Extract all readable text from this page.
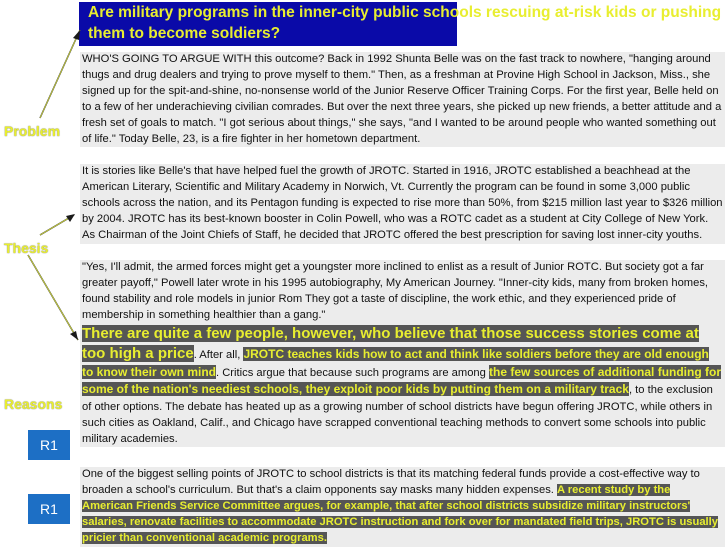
Are military programs in the inner-city public schools rescuing at-risk kids or pushing them to become soldiers?
Problem
Thesis
Reasons
R1
R1
WHO'S GOING TO ARGUE WITH this outcome? Back in 1992 Shunta Belle was on the fast track to nowhere, "hanging around thugs and drug dealers and trying to prove myself to them." Then, as a freshman at Provine High School in Jackson, Miss., she signed up for the spit-and-shine, no-nonsense world of the Junior Reserve Officer Training Corps. For the first year, Belle held on to a few of her underachieving civilian comrades. But over the next three years, she picked up new friends, a better attitude and a fresh set of goals to match. "I got serious about things," she says, "and I wanted to be around people who wanted something out of life." Today Belle, 23, is a fire fighter in her hometown department.
It is stories like Belle's that have helped fuel the growth of JROTC. Started in 1916, JROTC established a beachhead at the American Literary, Scientific and Military Academy in Norwich, Vt. Currently the program can be found in some 3,000 public schools across the nation, and its Pentagon funding is expected to rise more than 50%, from $215 million last year to $326 million by 2004. JROTC has its best-known booster in Colin Powell, who was a ROTC cadet as a student at City College of New York. As Chairman of the Joint Chiefs of Staff, he decided that JROTC offered the best prescription for saving lost inner-city youths.
"Yes, I'll admit, the armed forces might get a youngster more inclined to enlist as a result of Junior ROTC. But society got a far greater payoff," Powell later wrote in his 1995 autobiography, My American Journey. "Inner-city kids, many from broken homes, found stability and role models in junior Rom They got a taste of discipline, the work ethic, and they experienced pride of membership in something healthier than a gang."
There are quite a few people, however, who believe that those success stories come at too high a price. After all, JROTC teaches kids how to act and think like soldiers before they are old enough to know their own mind. Critics argue that because such programs are among the few sources of additional funding for some of the nation's neediest schools, they exploit poor kids by putting them on a military track, to the exclusion of other options. The debate has heated up as a growing number of school districts have begun offering JROTC, while others in such cities as Oakland, Calif., and Chicago have scrapped conventional teaching methods to convert some schools into public military academies.
One of the biggest selling points of JROTC to school districts is that its matching federal funds provide a cost-effective way to broaden a school's curriculum. But that's a claim opponents say masks many hidden expenses. A recent study by the American Friends Service Committee argues, for example, that after school districts subsidize military instructors' salaries, renovate facilities to accommodate JROTC instruction and fork over for mandated field trips, JROTC is usually pricier than conventional academic programs.
